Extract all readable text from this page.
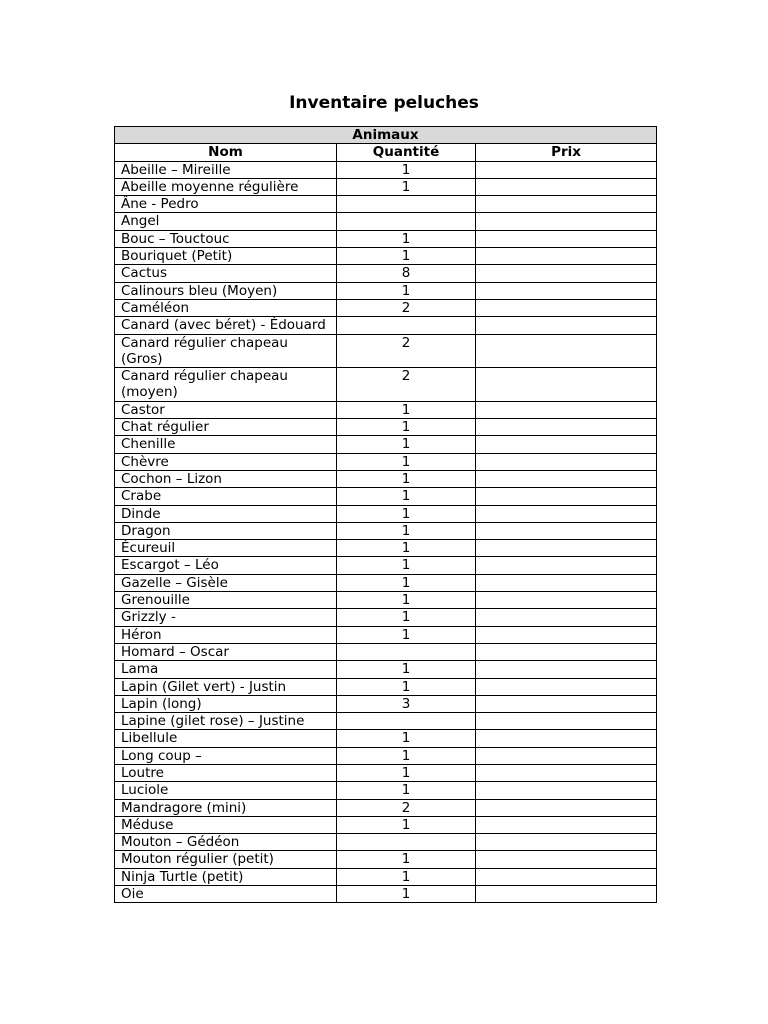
Inventaire peluches
Animaux		
Nom	Quantité	Prix
Abeille – Mireille	1	
Abeille moyenne régulière	1	
Âne - Pedro		
Angel		
Bouc – Touctouc	1	
Bouriquet (Petit)	1	
Cactus	8	
Calinours bleu (Moyen)	1	
Caméléon	2	
Canard (avec béret) - Édouard		
Canard régulier chapeau (Gros)	2	
Canard régulier chapeau (moyen)	2	
Castor	1	
Chat régulier	1	
Chenille	1	
Chèvre	1	
Cochon – Lizon	1	
Crabe	1	
Dinde	1	
Dragon	1	
Écureuil	1	
Escargot – Léo	1	
Gazelle – Gisèle	1	
Grenouille	1	
Grizzly -	1	
Héron	1	
Homard – Oscar		
Lama	1	
Lapin (Gilet vert) - Justin	1	
Lapin (long)	3	
Lapine (gilet rose) – Justine		
Libellule	1	
Long coup –	1	
Loutre	1	
Luciole	1	
Mandragore (mini)	2	
Méduse	1	
Mouton – Gédéon		
Mouton régulier (petit)	1	
Ninja Turtle (petit)	1	
Oie	1	
